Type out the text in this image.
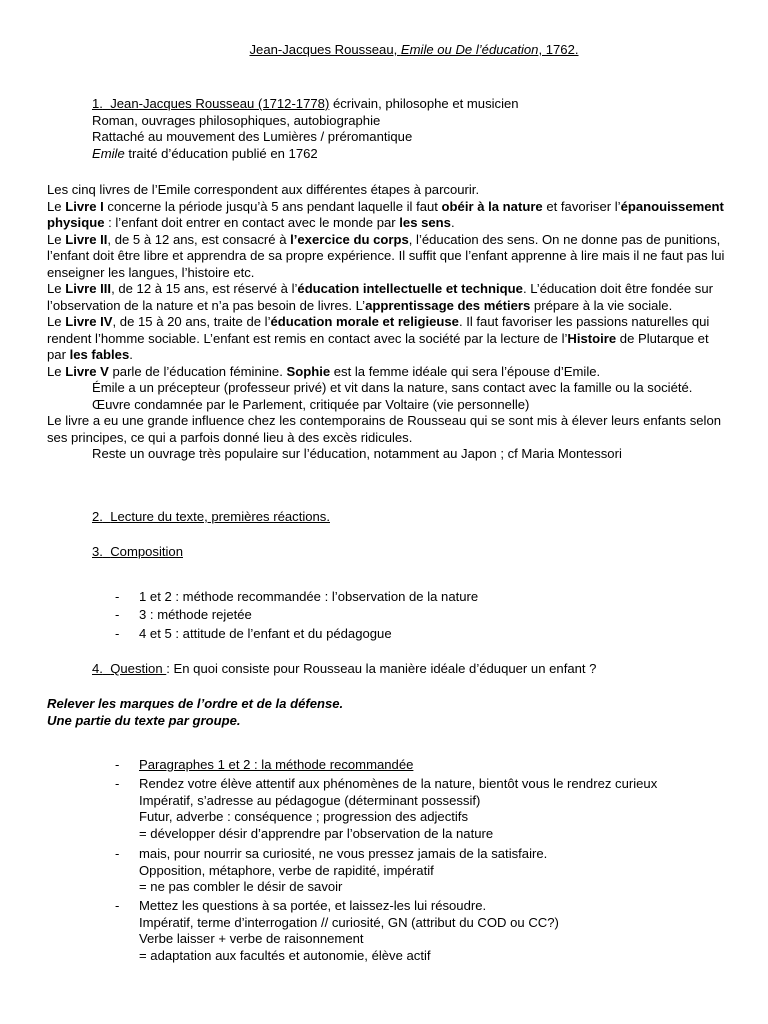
Jean-Jacques Rousseau, Emile ou De l’éducation, 1762.

1. Jean-Jacques Rousseau (1712-1778) écrivain, philosophe et musicien

Roman, ouvrages philosophiques, autobiographie

Rattaché au mouvement des Lumières / préromantique

Emile traité d’éducation publié en 1762

Les cinq livres de l’Emile correspondent aux différentes étapes à parcourir.

Le Livre I concerne la période jusqu’à 5 ans pendant laquelle il faut obéir à la nature et favoriser l’épanouissement physique : l’enfant doit entrer en contact avec le monde par les sens.

Le Livre II, de 5 à 12 ans, est consacré à l’exercice du corps, l’éducation des sens. On ne donne pas de punitions, l’enfant doit être libre et apprendra de sa propre expérience. Il suffit que l’enfant apprenne à lire mais il ne faut pas lui enseigner les langues, l’histoire etc.

Le Livre III, de 12 à 15 ans, est réservé à l’éducation intellectuelle et technique. L’éducation doit être fondée sur l’observation de la nature et n’a pas besoin de livres. L’apprentissage des métiers prépare à la vie sociale.

Le Livre IV, de 15 à 20 ans, traite de l’éducation morale et religieuse. Il faut favoriser les passions naturelles qui rendent l’homme sociable. L’enfant est remis en contact avec la société par la lecture de l’Histoire de Plutarque et par les fables.

Le Livre V parle de l’éducation féminine. Sophie est la femme idéale qui sera l’épouse d’Emile.

Émile a un précepteur (professeur privé) et vit dans la nature, sans contact avec la famille ou la société.

Œuvre condamnée par le Parlement, critiquée par Voltaire (vie personnelle)

Le livre a eu une grande influence chez les contemporains de Rousseau qui se sont mis à élever leurs enfants selon ses principes, ce qui a parfois donné lieu à des excès ridicules.

Reste un ouvrage très populaire sur l’éducation, notamment au Japon ; cf Maria Montessori

2. Lecture du texte, premières réactions.
3. Composition
- 1 et 2 : méthode recommandée : l’observation de la nature
- 3 : méthode rejetée
- 4 et 5 : attitude de l’enfant et du pédagogue
4. Question : En quoi consiste pour Rousseau la manière idéale d’éduquer un enfant ?

Relever les marques de l’ordre et de la défense.

Une partie du texte par groupe.

- Paragraphes 1 et 2 : la méthode recommandée
- Rendez votre élève attentif aux phénomènes de la nature, bientôt vous le rendrez curieux
Impératif, s’adresse au pédagogue (déterminant possessif)
Futur, adverbe : conséquence ; progression des adjectifs
= développer désir d’apprendre par l’observation de la nature
- mais, pour nourrir sa curiosité, ne vous pressez jamais de la satisfaire.
Opposition, métaphore, verbe de rapidité, impératif
= ne pas combler le désir de savoir
- Mettez les questions à sa portée, et laissez-les lui résoudre.
Impératif, terme d’interrogation // curiosité, GN (attribut du COD ou CC?)
Verbe laisser + verbe de raisonnement
= adaptation aux facultés et autonomie, élève actif
